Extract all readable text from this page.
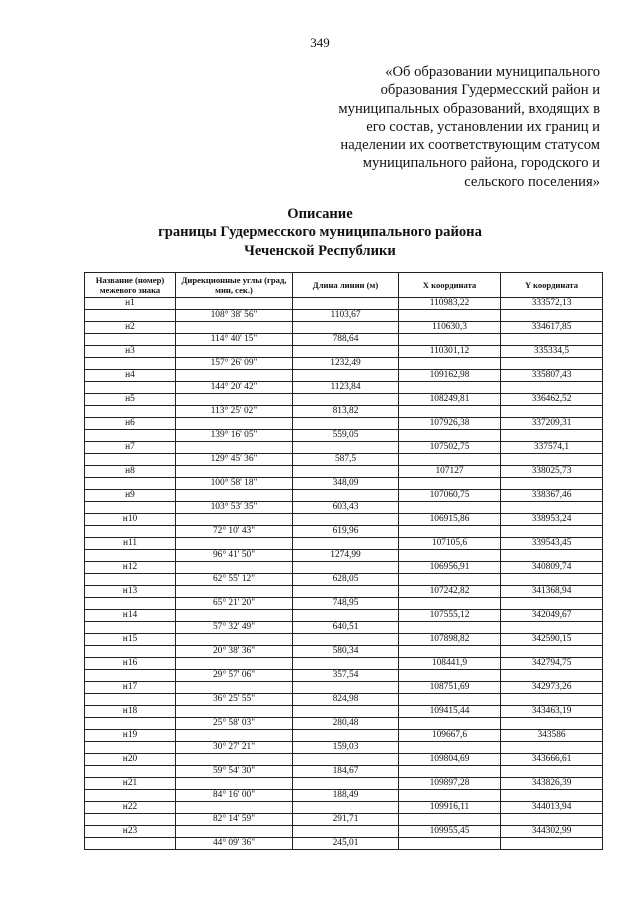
349
«Об образовании муниципального
образования Гудермесский район и
муниципальных образований, входящих в
его состав, установлении их границ и
наделении их соответствующим статусом
муниципального района, городского и
сельского поселения»
Описание
границы Гудермесского муниципального района
Чеченской Республики
Название (номер) межевого знака	Дирекционные углы (град, мин, сек.)	Длина линии (м)	X координата	Y координата
н1			110983,22	333572,13
	108° 38' 56"	1103,67		
н2			110630,3	334617,85
	114° 40' 15"	788,64		
н3			110301,12	335334,5
	157° 26' 09"	1232,49		
н4			109162,98	335807,43
	144° 20' 42"	1123,84		
н5			108249,81	336462,52
	113° 25' 02"	813,82		
н6			107926,38	337209,31
	139° 16' 05"	559,05		
н7			107502,75	337574,1
	129° 45' 36"	587,5		
н8			107127	338025,73
	100° 58' 18"	348,09		
н9			107060,75	338367,46
	103° 53' 35"	603,43		
н10			106915,86	338953,24
	72° 10' 43"	619,96		
н11			107105,6	339543,45
	96° 41' 50"	1274,99		
н12			106956,91	340809,74
	62° 55' 12"	628,05		
н13			107242,82	341368,94
	65° 21' 20"	748,95		
н14			107555,12	342049,67
	57° 32' 49"	640,51		
н15			107898,82	342590,15
	20° 38' 36"	580,34		
н16			108441,9	342794,75
	29° 57' 06"	357,54		
н17			108751,69	342973,26
	36° 25' 55"	824,98		
н18			109415,44	343463,19
	25° 58' 03"	280,48		
н19			109667,6	343586
	30° 27' 21"	159,03		
н20			109804,69	343666,61
	59° 54' 30"	184,67		
н21			109897,28	343826,39
	84° 16' 00"	188,49		
н22			109916,11	344013,94
	82° 14' 59"	291,71		
н23			109955,45	344302,99
	44° 09' 36"	245,01		
